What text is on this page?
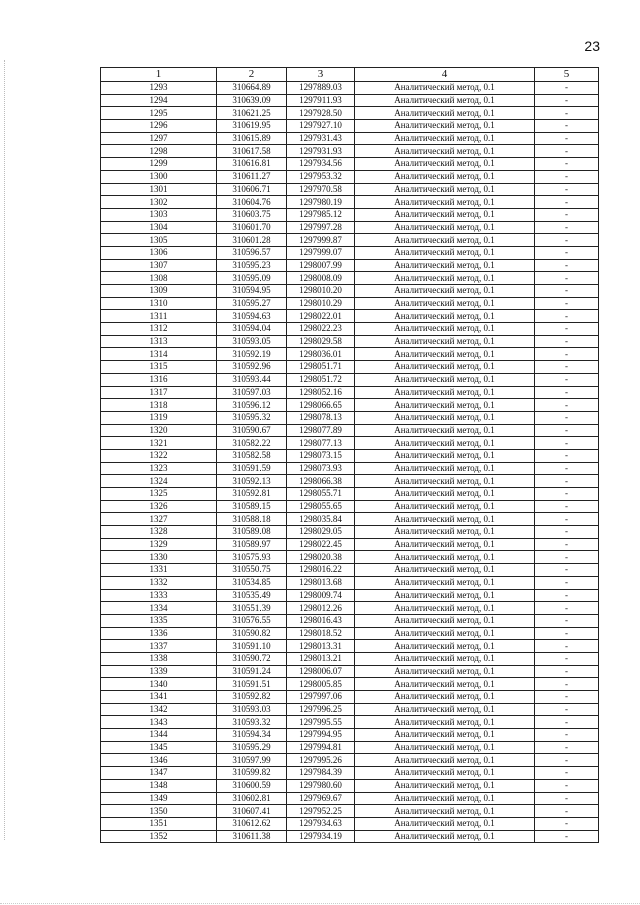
23
1	2	3	4	5
1293	310664.89	1297889.03	Аналитический метод, 0.1	-
1294	310639.09	1297911.93	Аналитический метод, 0.1	-
1295	310621.25	1297928.50	Аналитический метод, 0.1	-
1296	310619.95	1297927.10	Аналитический метод, 0.1	-
1297	310615.89	1297931.43	Аналитический метод, 0.1	-
1298	310617.58	1297931.93	Аналитический метод, 0.1	-
1299	310616.81	1297934.56	Аналитический метод, 0.1	-
1300	310611.27	1297953.32	Аналитический метод, 0.1	-
1301	310606.71	1297970.58	Аналитический метод, 0.1	-
1302	310604.76	1297980.19	Аналитический метод, 0.1	-
1303	310603.75	1297985.12	Аналитический метод, 0.1	-
1304	310601.70	1297997.28	Аналитический метод, 0.1	-
1305	310601.28	1297999.87	Аналитический метод, 0.1	-
1306	310596.57	1297999.07	Аналитический метод, 0.1	-
1307	310595.23	1298007.99	Аналитический метод, 0.1	-
1308	310595.09	1298008.09	Аналитический метод, 0.1	-
1309	310594.95	1298010.20	Аналитический метод, 0.1	-
1310	310595.27	1298010.29	Аналитический метод, 0.1	-
1311	310594.63	1298022.01	Аналитический метод, 0.1	-
1312	310594.04	1298022.23	Аналитический метод, 0.1	-
1313	310593.05	1298029.58	Аналитический метод, 0.1	-
1314	310592.19	1298036.01	Аналитический метод, 0.1	-
1315	310592.96	1298051.71	Аналитический метод, 0.1	-
1316	310593.44	1298051.72	Аналитический метод, 0.1	-
1317	310597.03	1298052.16	Аналитический метод, 0.1	-
1318	310596.12	1298066.65	Аналитический метод, 0.1	-
1319	310595.32	1298078.13	Аналитический метод, 0.1	-
1320	310590.67	1298077.89	Аналитический метод, 0.1	-
1321	310582.22	1298077.13	Аналитический метод, 0.1	-
1322	310582.58	1298073.15	Аналитический метод, 0.1	-
1323	310591.59	1298073.93	Аналитический метод, 0.1	-
1324	310592.13	1298066.38	Аналитический метод, 0.1	-
1325	310592.81	1298055.71	Аналитический метод, 0.1	-
1326	310589.15	1298055.65	Аналитический метод, 0.1	-
1327	310588.18	1298035.84	Аналитический метод, 0.1	-
1328	310589.08	1298029.05	Аналитический метод, 0.1	-
1329	310589.97	1298022.45	Аналитический метод, 0.1	-
1330	310575.93	1298020.38	Аналитический метод, 0.1	-
1331	310550.75	1298016.22	Аналитический метод, 0.1	-
1332	310534.85	1298013.68	Аналитический метод, 0.1	-
1333	310535.49	1298009.74	Аналитический метод, 0.1	-
1334	310551.39	1298012.26	Аналитический метод, 0.1	-
1335	310576.55	1298016.43	Аналитический метод, 0.1	-
1336	310590.82	1298018.52	Аналитический метод, 0.1	-
1337	310591.10	1298013.31	Аналитический метод, 0.1	-
1338	310590.72	1298013.21	Аналитический метод, 0.1	-
1339	310591.24	1298006.07	Аналитический метод, 0.1	-
1340	310591.51	1298005.85	Аналитический метод, 0.1	-
1341	310592.82	1297997.06	Аналитический метод, 0.1	-
1342	310593.03	1297996.25	Аналитический метод, 0.1	-
1343	310593.32	1297995.55	Аналитический метод, 0.1	-
1344	310594.34	1297994.95	Аналитический метод, 0.1	-
1345	310595.29	1297994.81	Аналитический метод, 0.1	-
1346	310597.99	1297995.26	Аналитический метод, 0.1	-
1347	310599.82	1297984.39	Аналитический метод, 0.1	-
1348	310600.59	1297980.60	Аналитический метод, 0.1	-
1349	310602.81	1297969.67	Аналитический метод, 0.1	-
1350	310607.41	1297952.25	Аналитический метод, 0.1	-
1351	310612.62	1297934.63	Аналитический метод, 0.1	-
1352	310611.38	1297934.19	Аналитический метод, 0.1	-
